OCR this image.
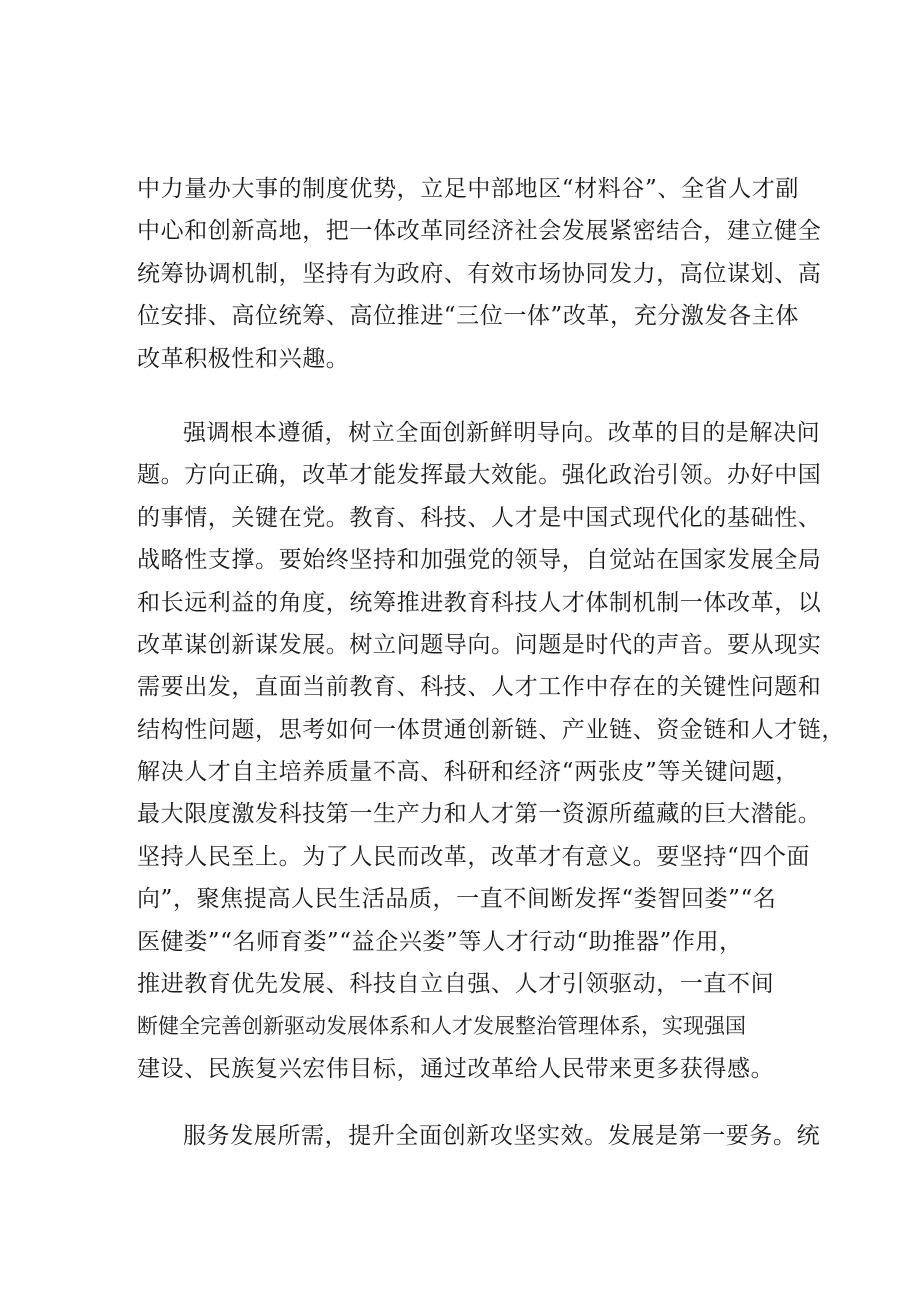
中力量办大事的制度优势，立足中部地区“材料谷”、全省人才副
中心和创新高地，把一体改革同经济社会发展紧密结合，建立健全
统筹协调机制，坚持有为政府、有效市场协同发力，高位谋划、高
位安排、高位统筹、高位推进“三位一体”改革，充分激发各主体
改革积极性和兴趣。
强调根本遵循，树立全面创新鲜明导向。改革的目的是解决问
题。方向正确，改革才能发挥最大效能。强化政治引领。办好中国
的事情，关键在党。教育、科技、人才是中国式现代化的基础性、
战略性支撑。要始终坚持和加强党的领导，自觉站在国家发展全局
和长远利益的角度，统筹推进教育科技人才体制机制一体改革，以
改革谋创新谋发展。树立问题导向。问题是时代的声音。要从现实
需要出发，直面当前教育、科技、人才工作中存在的关键性问题和
结构性问题，思考如何一体贯通创新链、产业链、资金链和人才链，
解决人才自主培养质量不高、科研和经济“两张皮”等关键问题，
最大限度激发科技第一生产力和人才第一资源所蕴藏的巨大潜能。
坚持人民至上。为了人民而改革，改革才有意义。要坚持“四个面
向”，聚焦提高人民生活品质，一直不间断发挥“娄智回娄”“名
医健娄”“名师育娄”“益企兴娄”等人才行动“助推器”作用，
推进教育优先发展、科技自立自强、人才引领驱动，一直不间
断健全完善创新驱动发展体系和人才发展整治管理体系，实现强国
建设、民族复兴宏伟目标，通过改革给人民带来更多获得感。
服务发展所需，提升全面创新攻坚实效。发展是第一要务。统
